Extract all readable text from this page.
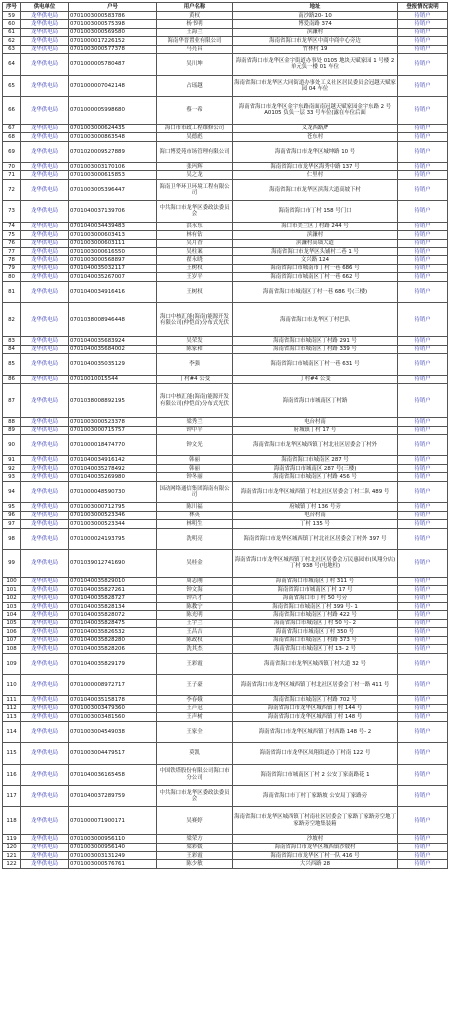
序号	供电单位	户号	用户名称	地址	登报情况说明
59	龙华供电局	0701003000583786	黄权	南沙路20- 10	待销户
60	龙华供电局	0701003000575398	杨书明	博爱南路 374	待销户
61	龙华供电局	0701003000569580	王海兰	滨濂村	待销户
62	龙华供电局	0701000017226152	海南华晋置业有限公司	海南省海口市龙华区中商中商中心旁边	待销户
63	龙华供电局	0701003000577378	马亮昌	竹林村 19	待销户
64	龙华供电局	0701000005780487	吴川坤	海南省海口市龙华区金宇街道办事处 0105 地块天赋家园 1 号楼 2 单元负一楼 01 车位	待销户
65	龙华供电局	0701000007042148	占瑶越	海南省海口市龙华区大同街道办事处工义社区居民委员会冠越天赋家园 04 车位	待销户
66	龙华供电局	0701000005998680	蔡一希	海南省海口市龙华区金宇东路南面南冠越天赋家园金宇东路 2 号 A0105 负负一层 33 号车位(露在车位后面	待销户
67	龙华供电局	0701003000624435	海口市市政工程维修公司	义龙西路/F	待销户
68	龙华供电局	0701003000863548	吴德彪	苍东村	待销户
69	龙华供电局	0701020009527889	海口博爱苑市场管理有限公司	海南省海口市龙华区城坤路 10 号	待销户
70	龙华供电局	0701003003170106	张玛辉	海南省海口市龙华区海秀中路 137 号	待销户
71	龙华供电局	0701003000615853	吴之龙	仁里村	待销户
72	龙华供电局	0701003005396447	海南卫华环卫环境工程有限公司	海南省海口市龙华区滨海大道高坡下村	待销户
73	龙华供电局	0701040037139706	中共海口市龙华区委政法委员会	海南省海口市丁村 158 号门口	待销户
74	龙华供电局	0701040034439483	洪永东	海口市美兰区丁村路 244 号	待销户
75	龙华供电局	0701003000603413	林有钻	滨濂村	待销户
76	龙华供电局	0701003000603111	吴月香	滨濂村高墙大道	待销户
77	龙华供电局	0701003000616550	吴柱案	海南省海口市龙华区头铺村二巷 1 号	待销户
78	龙华供电局	0701003000568897	翟永晓	文兴路 124	待销户
79	龙华供电局	0701040035032117	王树权	海南省海口市城南市丁村一巷 686 号	待销户
80	龙华供电局	0701040035267007	王岁平	海南省海口市城南区丁村一巷 662 号	待销户
81	龙华供电局	0701040034916416	王树权	海南省海口市城南区丁村一巷 686 号(三楼)	待销户
82	龙华供电局	0701038008946448	海口中核汇能(海南)能源开发有限公司(仲恺首)分布式光伏	海南省海口市龙华区丁村巴队	待销户
83	龙华供电局	0701040035683924	吴荣发	海南省海口市城南区丁村路 291 号	待销户
84	龙华供电局	0701040035684002	陈家和	海南省海口市城南区丁村路 339 号	待销户
85	龙华供电局	0701040035035129	李强	海南省海口市城南区丁村一巷 631 号	待销户
86	龙华供电局	07010010015544	丁村#4 公变	丁村#4 公变	待销户
87	龙华供电局	0701038008892195	海口中核汇能(海南)能源开发有限公司(仲恺首)分布式光伏	海南省海口市城南区丁村路	待销户
88	龙华供电局	0701003000523378	梁秀兰	电台村南	待销户
89	龙华供电局	0701003000715757	钟中平	府城镇丁村 17 号	待销户
90	龙华供电局	0701000018474770	钟文光	海南省海口市龙华区城西镇丁村北社区居委会丁村外	待销户
91	龙华供电局	0701040034916142	韩丽	海南省海口市城南区 287 号	待销户
92	龙华供电局	0701040035278492	韩丽	海南省海口市城南区 287 号(三楼)	待销户
93	龙华供电局	0701040035269980	钟冬丽	海南省海口市城南区丁村路 456 号	待销户
94	龙华供电局	0701000048590730	国动网络通信集团海南有限公司	海南省海口市龙华区城西镇丁村北社区居委会丁村二队 489 号	待销户
95	龙华供电局	0701003000712795	陈川福	府城镇丁村 136 号旁	待销户
96	龙华供电局	0701003000523346	林英	电台村南	待销户
97	龙华供电局	0701003000523344	林明生	丁村 135 号	待销户
98	龙华供电局	0701000024193795	洗明亮	海南省海口市龙华区城西镇丁村北社区居委会丁村外 397 号	待销户
99	龙华供电局	0701039012741690	吴桂金	海南省海口市龙华区城西镇丁村北社区居委会万民惠园市(凤翔分店)丁村 938 号(电地柱)	待销户
100	龙华供电局	0701040035829010	周志刚	海南省海口市城南区丁村 311 号	待销户
101	龙华供电局	0701040035827261	钟文海	海南省海口市城南区丁村 17 号	待销户
102	龙华供电局	0701040035828727	钟兴才	海南省海口市丁村 50 号旁	待销户
103	龙华供电局	0701040035828134	陈教宁	海南省海口市城南区丁村 399 号- 1	待销户
104	龙华供电局	0701040035828072	陈光明	海南省海口市城南区丁村路 422 号	待销户
105	龙华供电局	0701040035828475	王宇兰	海南省海口市城南区丁村 50 号- 2	待销户
106	龙华供电局	0701040035826532	王昌吉	海南省海口市城南区丁村 350 号	待销户
107	龙华供电局	0701040035828280	陈政权	海南省海口市城南区丁村路 373 号	待销户
108	龙华供电局	0701040035828206	洗其杰	海南省海口市城南区丁村 13- 2 号	待销户
109	龙华供电局	0701040035829179	王彩霞	海南省海口市龙华区城西镇丁村大道 32 号	待销户
110	龙华供电局	0701000008972717	王子豪	海南省海口市龙华区城西镇丁村北社区居委会丁村一路 411 号	待销户
111	龙华供电局	0701040035158178	李春娥	海南省海口市城南区丁村路 702 号	待销户
112	龙华供电局	0701003003479360	王芦冠	海南省海口市龙华区城西镇丁村 144 号	待销户
113	龙华供电局	0701003003481560	王声树	海南省海口市龙华区城西镇丁村 148 号	待销户
114	龙华供电局	0701003004549038	王家全	海南省海口市龙华区城西镇丁村西路 148 号- 2	待销户
115	龙华供电局	0701003004479517	莫凯	海南省海口市龙华区凤翔街道办丁村南 122 号	待销户
116	龙华供电局	0701040036165458	中国铁塔股份有限公司海口市分公司	海南省海口市城南区丁村 2 公安丁家南路花 1	待销户
117	龙华供电局	0701040037289759	中共海口市龙华区委政法委员会	海南省海口市丁村丁家路坡 公安局丁家路旁	待销户
118	龙华供电局	0701000071900171	吴赛婷	海南省海口市龙华区城西镇丁村南社区居委会丁家路丁家路旁空地丁家路旁空地集装箱	待销户
119	龙华供电局	0701003000956110	梁荣方	沙坡村	待销户
120	龙华供电局	0701003000956140	梁彩媛	海南省海口市龙华区城西镇沙坡村	待销户
121	龙华供电局	0701003003131249	王彩霞	海南省海口市龙华区丁村一队 416 号	待销户
122	龙华供电局	0701003000576761	陈少敏	大兴西路 28	待销户
